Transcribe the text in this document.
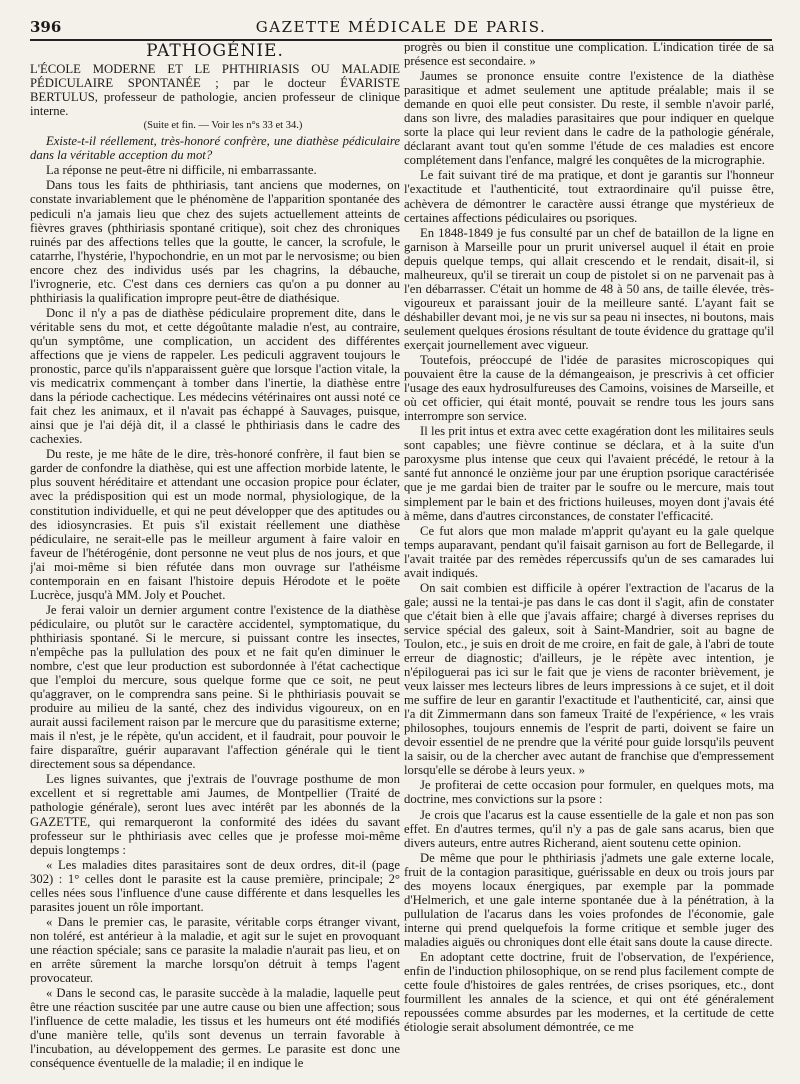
396	GAZETTE MÉDICALE DE PARIS.
PATHOGÉNIE.

L'ÉCOLE MODERNE ET LE PHTHIRIASIS OU MALADIE PÉDICULAIRE SPONTANÉE ; par le docteur ÉVARISTE BERTULUS, professeur de pathologie, ancien professeur de clinique interne.

(Suite et fin. — Voir les n°s 33 et 34.)

Existe-t-il réellement, très-honoré confrère, une diathèse pédiculaire dans la véritable acception du mot?

La réponse ne peut-être ni difficile, ni embarrassante.

Dans tous les faits de phthiriasis, tant anciens que modernes, on constate invariablement que le phénomène de l'apparition spontanée des pediculi n'a jamais lieu que chez des sujets actuellement atteints de fièvres graves (phthiriasis spontané critique), soit chez des chroniques ruinés par des affections telles que la goutte, le cancer, la scrofule, le catarrhe, l'hystérie, l'hypochondrie, en un mot par le nervosisme; ou bien encore chez des individus usés par les chagrins, la débauche, l'ivrognerie, etc. C'est dans ces derniers cas qu'on a pu donner au phthiriasis la qualification impropre peut-être de diathésique.

Donc il n'y a pas de diathèse pédiculaire proprement dite, dans le véritable sens du mot, et cette dégoûtante maladie n'est, au contraire, qu'un symptôme, une complication, un accident des différentes affections que je viens de rappeler. Les pediculi aggravent toujours le pronostic, parce qu'ils n'apparaissent guère que lorsque l'action vitale, la vis medicatrix commençant à tomber dans l'inertie, la diathèse entre dans la période cachectique. Les médecins vétérinaires ont aussi noté ce fait chez les animaux, et il n'avait pas échappé à Sauvages, puisque, ainsi que je l'ai déjà dit, il a classé le phthiriasis dans le cadre des cachexies.

Du reste, je me hâte de le dire, très-honoré confrère, il faut bien se garder de confondre la diathèse, qui est une affection morbide latente, le plus souvent héréditaire et attendant une occasion propice pour éclater, avec la prédisposition qui est un mode normal, physiologique, de la constitution individuelle, et qui ne peut développer que des aptitudes ou des idiosyncrasies. Et puis s'il existait réellement une diathèse pédiculaire, ne serait-elle pas le meilleur argument à faire valoir en faveur de l'hétérogénie, dont personne ne veut plus de nos jours, et que j'ai moi-même si bien réfutée dans mon ouvrage sur l'athéisme contemporain en en faisant l'histoire depuis Hérodote et le poëte Lucrèce, jusqu'à MM. Joly et Pouchet.

Je ferai valoir un dernier argument contre l'existence de la diathèse pédiculaire, ou plutôt sur le caractère accidentel, symptomatique, du phthiriasis spontané. Si le mercure, si puissant contre les insectes, n'empêche pas la pullulation des poux et ne fait qu'en diminuer le nombre, c'est que leur production est subordonnée à l'état cachectique que l'emploi du mercure, sous quelque forme que ce soit, ne peut qu'aggraver, on le comprendra sans peine. Si le phthiriasis pouvait se produire au milieu de la santé, chez des individus vigoureux, on en aurait aussi facilement raison par le mercure que du parasitisme externe; mais il n'est, je le répète, qu'un accident, et il faudrait, pour pouvoir le faire disparaître, guérir auparavant l'affection générale qui le tient directement sous sa dépendance.

Les lignes suivantes, que j'extrais de l'ouvrage posthume de mon excellent et si regrettable ami Jaumes, de Montpellier (Traité de pathologie générale), seront lues avec intérêt par les abonnés de la GAZETTE, qui remarqueront la conformité des idées du savant professeur sur le phthiriasis avec celles que je professe moi-même depuis longtemps :

« Les maladies dites parasitaires sont de deux ordres, dit-il (page 302) : 1° celles dont le parasite est la cause première, principale; 2° celles nées sous l'influence d'une cause différente et dans lesquelles les parasites jouent un rôle important.

« Dans le premier cas, le parasite, véritable corps étranger vivant, non toléré, est antérieur à la maladie, et agit sur le sujet en provoquant une réaction spéciale; sans ce parasite la maladie n'aurait pas lieu, et on en arrête sûrement la marche lorsqu'on détruit à temps l'agent provocateur.

« Dans le second cas, le parasite succède à la maladie, laquelle peut être une réaction suscitée par une autre cause ou bien une affection; sous l'influence de cette maladie, les tissus et les humeurs ont été modifiés d'une manière telle, qu'ils sont devenus un terrain favorable à l'incubation, au développement des germes. Le parasite est donc une conséquence éventuelle de la maladie; il en indique le

progrès ou bien il constitue une complication. L'indication tirée de sa présence est secondaire. »

Jaumes se prononce ensuite contre l'existence de la diathèse parasitique et admet seulement une aptitude préalable; mais il se demande en quoi elle peut consister. Du reste, il semble n'avoir parlé, dans son livre, des maladies parasitaires que pour indiquer en quelque sorte la place qui leur revient dans le cadre de la pathologie générale, déclarant avant tout qu'en somme l'étude de ces maladies est encore complétement dans l'enfance, malgré les conquêtes de la micrographie.

Le fait suivant tiré de ma pratique, et dont je garantis sur l'honneur l'exactitude et l'authenticité, tout extraordinaire qu'il puisse être, achèvera de démontrer le caractère aussi étrange que mystérieux de certaines affections pédiculaires ou psoriques.

En 1848-1849 je fus consulté par un chef de bataillon de la ligne en garnison à Marseille pour un prurit universel auquel il était en proie depuis quelque temps, qui allait crescendo et le rendait, disait-il, si malheureux, qu'il se tirerait un coup de pistolet si on ne parvenait pas à l'en débarrasser. C'était un homme de 48 à 50 ans, de taille élevée, très-vigoureux et paraissant jouir de la meilleure santé. L'ayant fait se déshabiller devant moi, je ne vis sur sa peau ni insectes, ni boutons, mais seulement quelques érosions résultant de toute évidence du grattage qu'il exerçait journellement avec vigueur.

Toutefois, préoccupé de l'idée de parasites microscopiques qui pouvaient être la cause de la démangeaison, je prescrivis à cet officier l'usage des eaux hydrosulfureuses des Camoins, voisines de Marseille, et où cet officier, qui était monté, pouvait se rendre tous les jours sans interrompre son service.

Il les prit intus et extra avec cette exagération dont les militaires seuls sont capables; une fièvre continue se déclara, et à la suite d'un paroxysme plus intense que ceux qui l'avaient précédé, le retour à la santé fut annoncé le onzième jour par une éruption psorique caractérisée que je me gardai bien de traiter par le soufre ou le mercure, mais tout simplement par le bain et des frictions huileuses, moyen dont j'avais été à même, dans d'autres circonstances, de constater l'efficacité.

Ce fut alors que mon malade m'apprit qu'ayant eu la gale quelque temps auparavant, pendant qu'il faisait garnison au fort de Bellegarde, il l'avait traitée par des remèdes répercussifs qu'un de ses camarades lui avait indiqués.

On sait combien est difficile à opérer l'extraction de l'acarus de la gale; aussi ne la tentai-je pas dans le cas dont il s'agit, afin de constater que c'était bien à elle que j'avais affaire; chargé à diverses reprises du service spécial des galeux, soit à Saint-Mandrier, soit au bagne de Toulon, etc., je suis en droit de me croire, en fait de gale, à l'abri de toute erreur de diagnostic; d'ailleurs, je le répète avec intention, je n'épiloguerai pas ici sur le fait que je viens de raconter brièvement, je veux laisser mes lecteurs libres de leurs impressions à ce sujet, et il doit me suffire de leur en garantir l'exactitude et l'authenticité, car, ainsi que l'a dit Zimmermann dans son fameux Traité de l'expérience, « les vrais philosophes, toujours ennemis de l'esprit de parti, doivent se faire un devoir essentiel de ne prendre que la vérité pour guide lorsqu'ils peuvent la saisir, ou de la chercher avec autant de franchise que d'empressement lorsqu'elle se dérobe à leurs yeux. »

Je profiterai de cette occasion pour formuler, en quelques mots, ma doctrine, mes convictions sur la psore :

Je crois que l'acarus est la cause essentielle de la gale et non pas son effet. En d'autres termes, qu'il n'y a pas de gale sans acarus, bien que divers auteurs, entre autres Richerand, aient soutenu cette opinion.

De même que pour le phthiriasis j'admets une gale externe locale, fruit de la contagion parasitique, guérissable en deux ou trois jours par des moyens locaux énergiques, par exemple par la pommade d'Helmerich, et une gale interne spontanée due à la pénétration, à la pullulation de l'acarus dans les voies profondes de l'économie, gale interne qui prend quelquefois la forme critique et semble juger des maladies aiguës ou chroniques dont elle était sans doute la cause directe.

En adoptant cette doctrine, fruit de l'observation, de l'expérience, enfin de l'induction philosophique, on se rend plus facilement compte de cette foule d'histoires de gales rentrées, de crises psoriques, etc., dont fourmillent les annales de la science, et qui ont été généralement repoussées comme absurdes par les modernes, et la certitude de cette étiologie serait absolument démontrée, ce me
